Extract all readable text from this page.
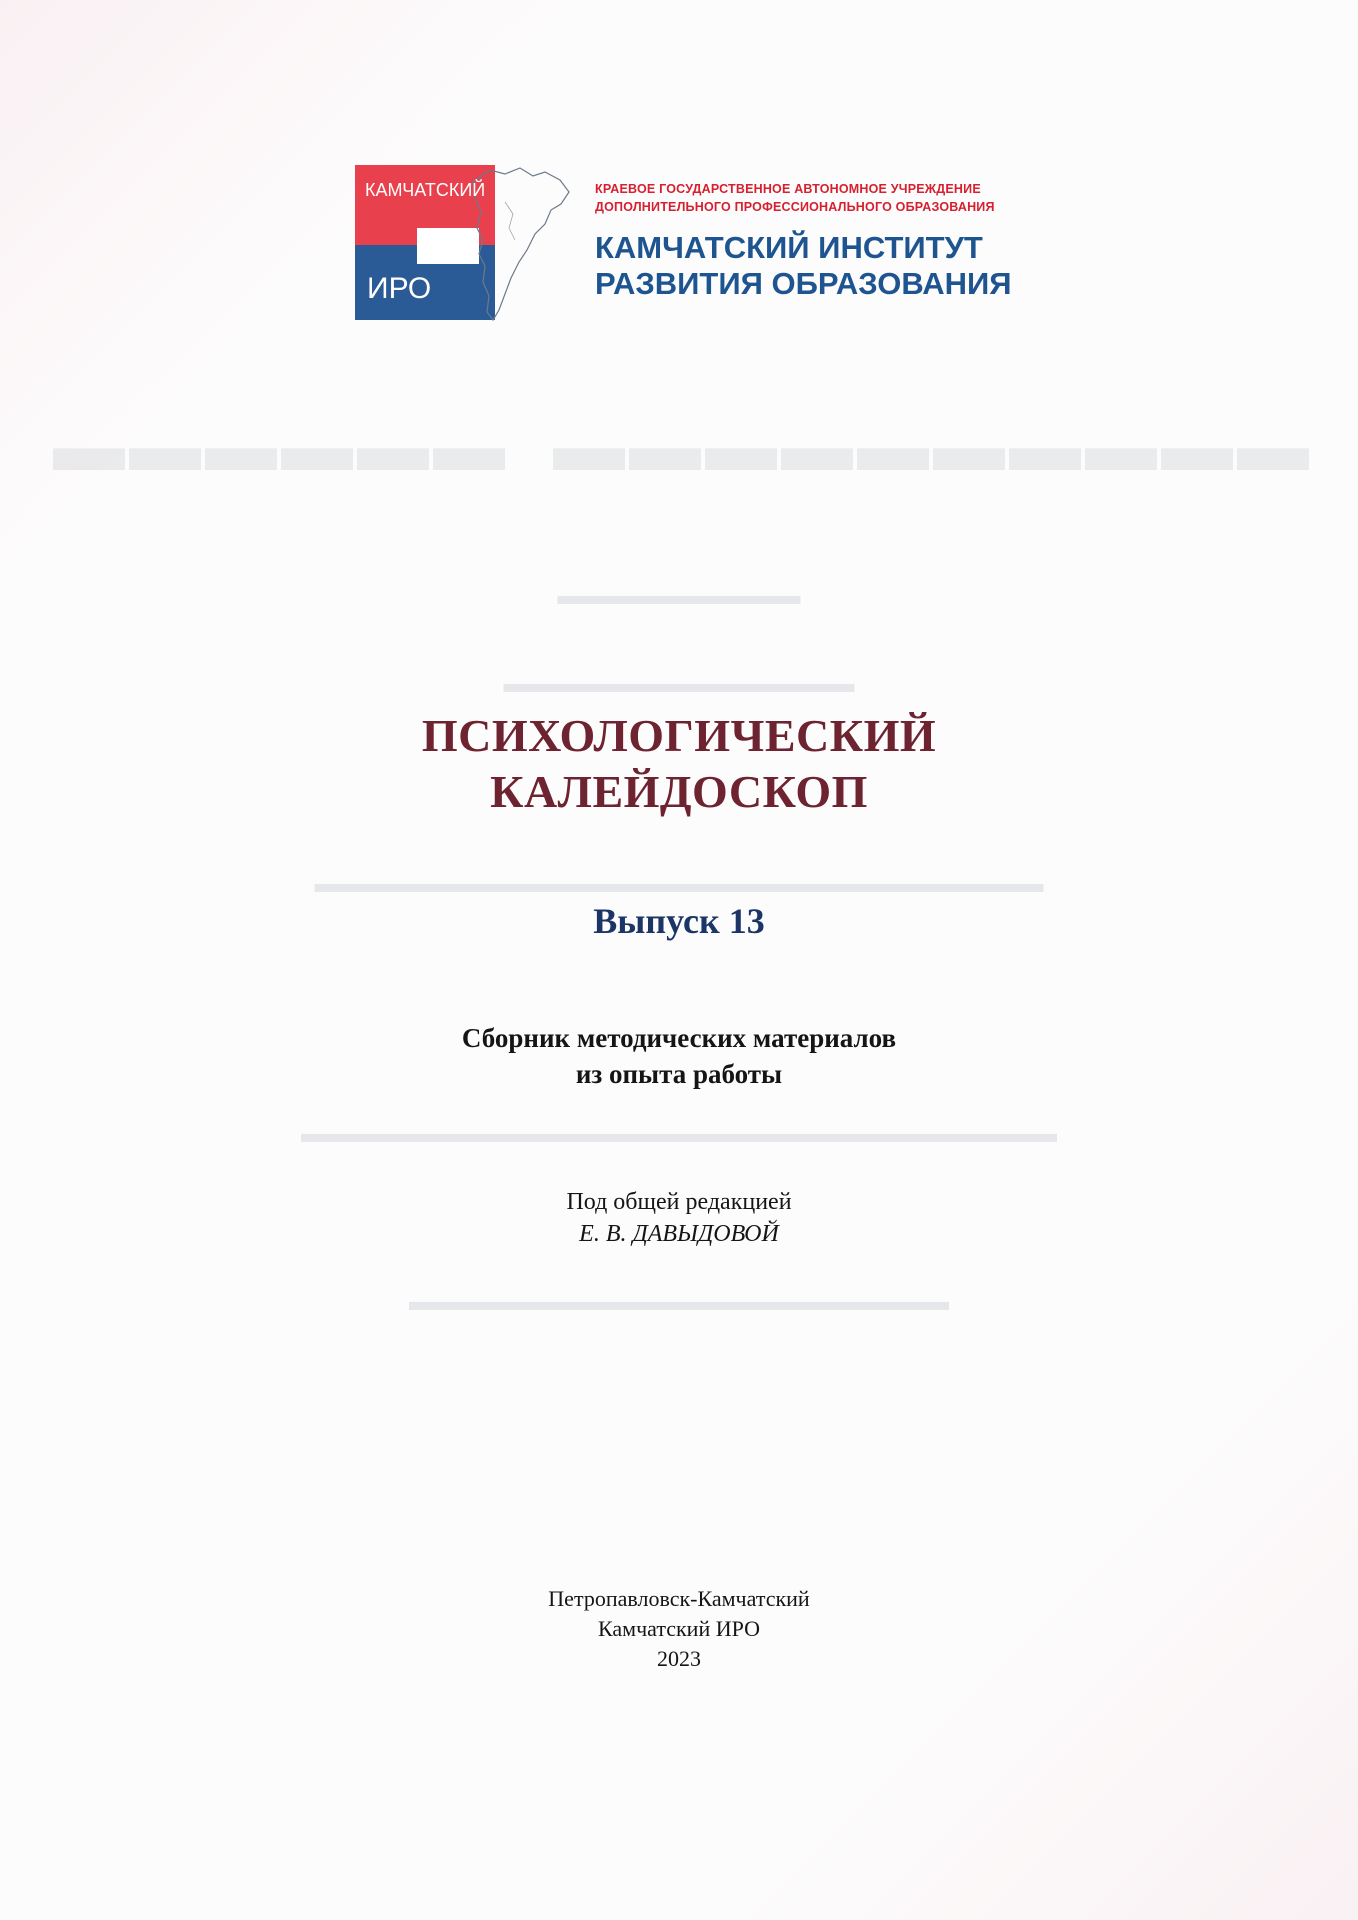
▬▬▬▬▬▬▬▬▬▬  ▬▬▬▬▬▬
▬▬▬▬▬▬▬▬▬
▬▬▬▬▬▬▬▬▬▬▬▬▬
▬▬▬▬▬▬▬▬▬▬▬▬▬▬▬▬▬▬▬▬▬▬▬▬▬▬▬
▬▬▬▬▬▬▬▬▬▬▬▬▬▬▬▬▬▬▬▬▬▬▬▬▬▬▬▬
▬▬▬▬▬▬▬▬▬▬▬▬▬▬▬▬▬▬▬▬
КАМЧАТСКИЙ
ИРО
КРАЕВОЕ ГОСУДАРСТВЕННОЕ АВТОНОМНОЕ УЧРЕЖДЕНИЕ
ДОПОЛНИТЕЛЬНОГО ПРОФЕССИОНАЛЬНОГО ОБРАЗОВАНИЯ
КАМЧАТСКИЙ ИНСТИТУТ
РАЗВИТИЯ ОБРАЗОВАНИЯ
ПСИХОЛОГИЧЕСКИЙ
КАЛЕЙДОСКОП
Выпуск 13
Сборник методических материалов
из опыта работы
Под общей редакцией
Е. В. ДАВЫДОВОЙ
Петропавловск-Камчатский
Камчатский ИРО
2023
